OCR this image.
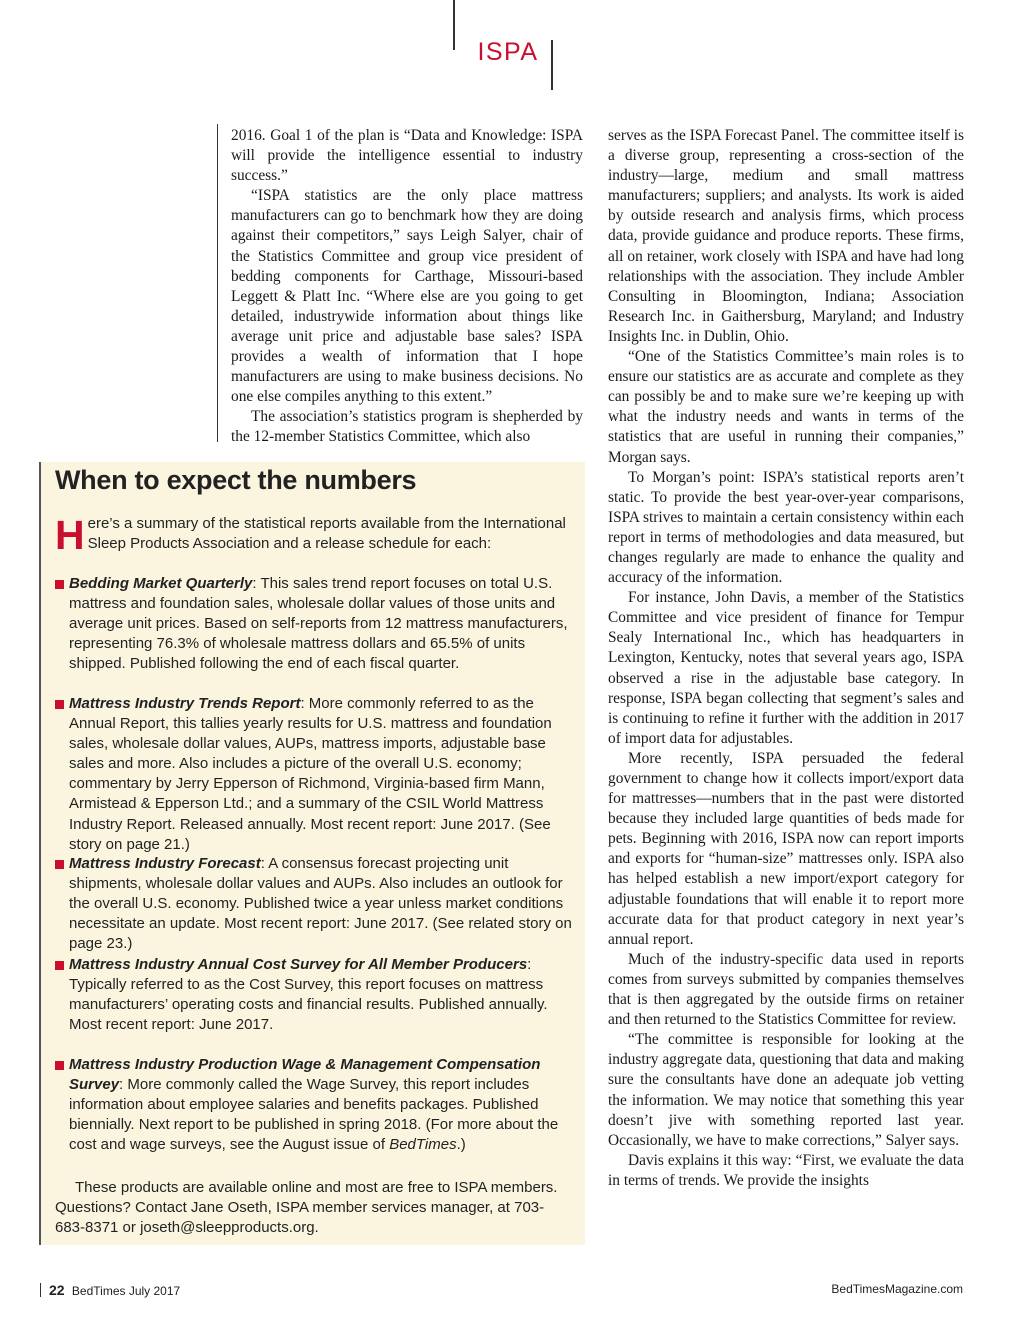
ISPA

2016. Goal 1 of the plan is “Data and Knowledge: ISPA will provide the intelligence essential to industry success.”

“ISPA statistics are the only place mattress manufacturers can go to benchmark how they are doing against their competitors,” says Leigh Salyer, chair of the Statistics Committee and group vice president of bedding components for Carthage, Missouri-based Leggett & Platt Inc. “Where else are you going to get detailed, industrywide information about things like average unit price and adjustable base sales? ISPA provides a wealth of information that I hope manufacturers are using to make business decisions. No one else compiles anything to this extent.”

The association’s statistics program is shepherded by the 12-member Statistics Committee, which also

serves as the ISPA Forecast Panel. The committee itself is a diverse group, representing a cross-section of the industry—large, medium and small mattress manufacturers; suppliers; and analysts. Its work is aided by outside research and analysis firms, which process data, provide guidance and produce reports. These firms, all on retainer, work closely with ISPA and have had long relationships with the association. They include Ambler Consulting in Bloomington, Indiana; Association Research Inc. in Gaithersburg, Maryland; and Industry Insights Inc. in Dublin, Ohio.

“One of the Statistics Committee’s main roles is to ensure our statistics are as accurate and complete as they can possibly be and to make sure we’re keeping up with what the industry needs and wants in terms of the statistics that are useful in running their companies,” Morgan says.

To Morgan’s point: ISPA’s statistical reports aren’t static. To provide the best year-over-year comparisons, ISPA strives to maintain a certain consistency within each report in terms of methodologies and data measured, but changes regularly are made to enhance the quality and accuracy of the information.

For instance, John Davis, a member of the Statistics Committee and vice president of finance for Tempur Sealy International Inc., which has headquarters in Lexington, Kentucky, notes that several years ago, ISPA observed a rise in the adjustable base category. In response, ISPA began collecting that segment’s sales and is continuing to refine it further with the addition in 2017 of import data for adjustables.

More recently, ISPA persuaded the federal government to change how it collects import/export data for mattresses—numbers that in the past were distorted because they included large quantities of beds made for pets. Beginning with 2016, ISPA now can report imports and exports for “human-size” mattresses only. ISPA also has helped establish a new import/export category for adjustable foundations that will enable it to report more accurate data for that product category in next year’s annual report.

Much of the industry-specific data used in reports comes from surveys submitted by companies themselves that is then aggregated by the outside firms on retainer and then returned to the Statistics Committee for review.

“The committee is responsible for looking at the industry aggregate data, questioning that data and making sure the consultants have done an adequate job vetting the information. We may notice that something this year doesn’t jive with something reported last year. Occasionally, we have to make corrections,” Salyer says.

Davis explains it this way: “First, we evaluate the data in terms of trends. We provide the insights

When to expect the numbers
Here’s a summary of the statistical reports available from the International Sleep Products Association and a release schedule for each:
Bedding Market Quarterly: This sales trend report focuses on total U.S. mattress and foundation sales, wholesale dollar values of those units and average unit prices. Based on self-reports from 12 mattress manufacturers, representing 76.3% of wholesale mattress dollars and 65.5% of units shipped. Published following the end of each fiscal quarter.
Mattress Industry Trends Report: More commonly referred to as the Annual Report, this tallies yearly results for U.S. mattress and foundation sales, wholesale dollar values, AUPs, mattress imports, adjustable base sales and more. Also includes a picture of the overall U.S. economy; commentary by Jerry Epperson of Richmond, Virginia-based firm Mann, Armistead & Epperson Ltd.; and a summary of the CSIL World Mattress Industry Report. Released annually. Most recent report: June 2017. (See story on page 21.)
Mattress Industry Forecast: A consensus forecast projecting unit shipments, wholesale dollar values and AUPs. Also includes an outlook for the overall U.S. economy. Published twice a year unless market conditions necessitate an update. Most recent report: June 2017. (See related story on page 23.)
Mattress Industry Annual Cost Survey for All Member Producers: Typically referred to as the Cost Survey, this report focuses on mattress manufacturers’ operating costs and financial results. Published annually. Most recent report: June 2017.
Mattress Industry Production Wage & Management Compensation Survey: More commonly called the Wage Survey, this report includes information about employee salaries and benefits packages. Published biennially. Next report to be published in spring 2018. (For more about the cost and wage surveys, see the August issue of BedTimes.)
These products are available online and most are free to ISPA members. Questions? Contact Jane Oseth, ISPA member services manager, at 703-683-8371 or joseth@sleepproducts.org.
22 BedTimes July 2017	BedTimesMagazine.com
